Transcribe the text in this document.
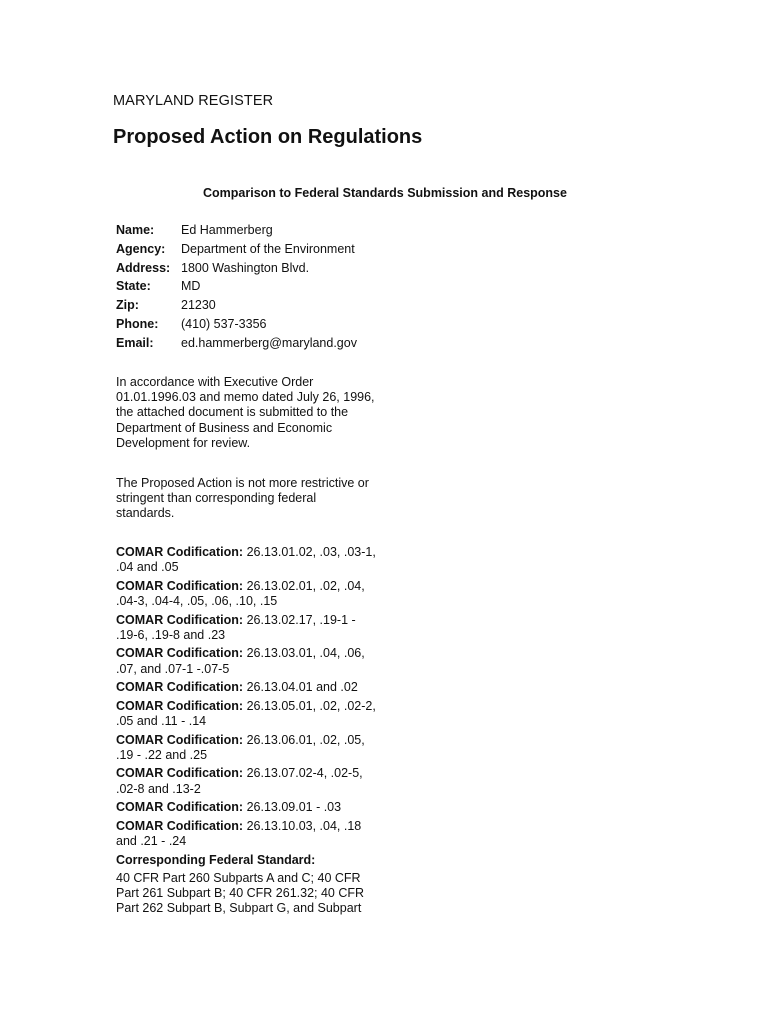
MARYLAND REGISTER
Proposed Action on Regulations
Comparison to Federal Standards Submission and Response
Name: Ed Hammerberg
Agency: Department of the Environment
Address: 1800 Washington Blvd.
State: MD
Zip:	21230
Phone: (410) 537-3356
Email: ed.hammerberg@maryland.gov

In accordance with Executive Order 01.01.1996.03 and memo dated July 26, 1996, the attached document is submitted to the Department of Business and Economic Development for review.

The Proposed Action is not more restrictive or stringent than corresponding federal standards.

COMAR Codification: 26.13.01.02, .03, .03-1, .04 and .05
COMAR Codification: 26.13.02.01, .02, .04, .04-3, .04-4, .05, .06, .10, .15
COMAR Codification: 26.13.02.17, .19-1 - .19-6, .19-8 and .23
COMAR Codification: 26.13.03.01, .04, .06, .07, and .07-1 -.07-5
COMAR Codification: 26.13.04.01 and .02
COMAR Codification: 26.13.05.01, .02, .02-2, .05 and .11 - .14
COMAR Codification: 26.13.06.01, .02, .05, .19 - .22 and .25
COMAR Codification: 26.13.07.02-4, .02-5, .02-8 and .13-2
COMAR Codification: 26.13.09.01 - .03
COMAR Codification: 26.13.10.03, .04, .18 and .21 - .24
Corresponding Federal Standard:
40 CFR Part 260 Subparts A and C; 40 CFR Part 261 Subpart B; 40 CFR 261.32; 40 CFR Part 262 Subpart B, Subpart G, and Subpart
